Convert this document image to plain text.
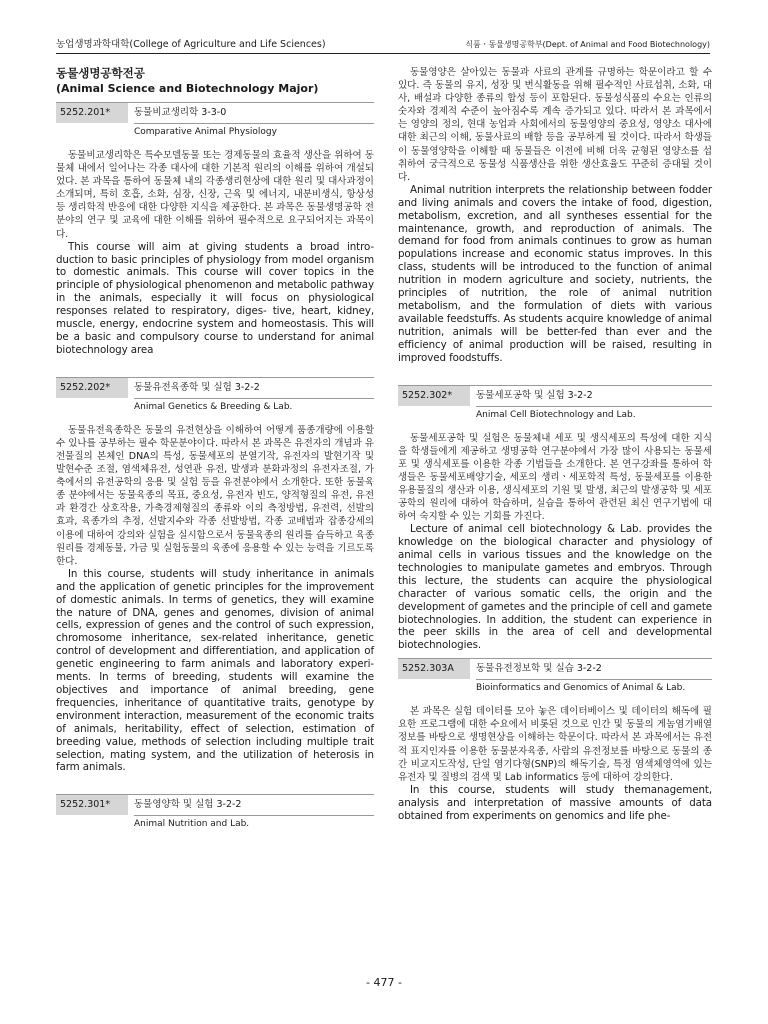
농업생명과학대학(College of Agriculture and Life Sciences)	식품ㆍ동물생명공학부(Dept. of Animal and Food Biotechnology)

동물생명공학전공

(Animal Science and Biotechnology Major)

5252.201*	동물비교생리학 3-3-0
Comparative Animal Physiology

동물비교생리학은 특수모델동물 또는 경제동물의 효율적 생산을 위하여 동물체 내에서 일어나는 각종 대사에 대한 기본적 원리의 이해를 위하여 개설되었다. 본 과목을 통하여 동물체 내의 각종생리현상에 대한 원리 및 대사과정이 소개되며, 특히 호흡, 소화, 심장, 신장, 근육 및 에너지, 내분비생식, 항상성 등 생리학적 반응에 대한 다양한 지식을 제공한다. 본 과목은 동물생명공학 전 분야의 연구 및 교육에 대한 이해를 위하여 필수적으로 요구되어지는 과목이다.

This course will aim at giving students a broad intro- duction to basic principles of physiology from model organism to domestic animals. This course will cover topics in the principle of physiological phenomenon and metabolic pathway in the animals, especially it will focus on physiological responses related to respiratory, diges- tive, heart, kidney, muscle, energy, endocrine system and homeostasis. This will be a basic and compulsory course to understand for animal biotechnology area

5252.202*	동물유전육종학 및 실험 3-2-2
Animal Genetics & Breeding & Lab.

동물유전육종학은 동물의 유전현상을 이해하여 어떻게 품종개량에 이용할 수 있나를 공부하는 필수 학문분야이다. 따라서 본 과목은 유전자의 개념과 유전물질의 본체인 DNA의 특성, 동물세포의 분열기작, 유전자의 발현기작 및 발현수준 조절, 염색체유전, 성연관 유전, 발생과 분화과정의 유전자조절, 가축에서의 유전공학의 응용 및 실험 등을 유전분야에서 소개한다. 또한 동물육종 분야에서는 동물육종의 목표, 중요성, 유전자 빈도, 양적형질의 유전, 유전과 환경간 상호작용, 가축경제형질의 종류와 이의 측정방법, 유전력, 선발의 효과, 육종가의 추정, 선발지수와 각종 선발방법, 각종 교배법과 잡종강세의 이용에 대하여 강의와 실험을 실시함으로서 동물육종의 원리를 습득하고 육종원리를 경제동물, 가금 및 실험동물의 육종에 응용할 수 있는 능력을 기르도록 한다.

In this course, students will study inheritance in animals and the application of genetic principles for the improvement of domestic animals. In terms of genetics, they will examine the nature of DNA, genes and genomes, division of animal cells, expression of genes and the control of such expression, chromosome inheritance, sex-related inheritance, genetic control of development and differentiation, and application of genetic engineering to farm animals and laboratory experi- ments. In terms of breeding, students will examine the objectives and importance of animal breeding, gene frequencies, inheritance of quantitative traits, genotype by environment interaction, measurement of the economic traits of animals, heritability, effect of selection, estimation of breeding value, methods of selection including multiple trait selection, mating system, and the utilization of heterosis in farm animals.

5252.301*	동물영양학 및 실험 3-2-2
Animal Nutrition and Lab.

동물영양은 살아있는 동물과 사료의 관계를 규명하는 학문이라고 할 수 있다. 즉 동물의 유지, 성장 및 번식활동을 위해 필수적인 사료섭취, 소화, 대사, 배설과 다양한 종류의 합성 등이 포함된다. 동물성식품의 수요는 인류의 숫자와 경제적 수준이 높아짐수록 계속 증가되고 있다. 따라서 본 과목에서는 영양의 정의, 현대 농업과 사회에서의 동물영양의 중요성, 영양소 대사에 대한 최근의 이해, 동물사료의 배합 등을 공부하게 될 것이다. 따라서 학생들이 동물영양학을 이해할 때 동물들은 이전에 비해 더욱 균형된 영양소를 섭취하여 궁극적으로 동물성 식품생산을 위한 생산효율도 꾸준히 증대될 것이다.

Animal nutrition interprets the relationship between fodder and living animals and covers the intake of food, digestion, metabolism, excretion, and all syntheses essential for the maintenance, growth, and reproduction of animals. The demand for food from animals continues to grow as human populations increase and economic status improves. In this class, students will be introduced to the function of animal nutrition in modern agriculture and society, nutrients, the principles of nutrition, the role of animal nutrition metabolism, and the formulation of diets with various available feedstuffs. As students acquire knowledge of animal nutrition, animals will be better-fed than ever and the efficiency of animal production will be raised, resulting in improved foodstuffs.

5252.302*	동물세포공학 및 실험 3-2-2
Animal Cell Biotechnology and Lab.

동물세포공학 및 실험은 동물체내 세포 및 생식세포의 특성에 대한 지식을 학생들에게 제공하고 생명공학 연구분야에서 가장 많이 사용되는 동물세포 및 생식세포를 이용한 각종 기법들을 소개한다. 본 연구강좌를 통하여 학생들은 동물세포배양기술, 세포의 생리ㆍ세포학적 특성, 동물세포를 이용한 유용물질의 생산과 이용, 생식세포의 기원 및 발생, 최근의 발생공학 및 세포공학의 원리에 대하여 학습하며, 실습을 통하여 관련된 최신 연구기법에 대하여 숙지할 수 있는 기회를 가진다.

Lecture of animal cell biotechnology & Lab. provides the knowledge on the biological character and physiology of animal cells in various tissues and the knowledge on the technologies to manipulate gametes and embryos. Through this lecture, the students can acquire the physiological character of various somatic cells, the origin and the development of gametes and the principle of cell and gamete biotechnologies. In addition, the student can experience in the peer skills in the area of cell and developmental biotechnologies.

5252.303A	동물유전정보학 및 실습 3-2-2
Bioinformatics and Genomics of Animal & Lab.

본 과목은 실험 데이터를 모아 놓은 데이터베이스 및 데이터의 해독에 필요한 프로그램에 대한 수요에서 비롯된 것으로 인간 및 동물의 게놈염기배열 정보를 바탕으로 생명현상을 이해하는 학문이다. 따라서 본 과목에서는 유전적 표지인자를 이용한 동물분자육종, 사람의 유전정보를 바탕으로 동물의 종간 비교지도작성, 단일 염기다형(SNP)의 해독기술, 특정 염색체영역에 있는 유전자 및 질병의 검색 및 Lab informatics 등에 대하여 강의한다.

In this course, students will study themanagement, analysis and interpretation of massive amounts of data obtained from experiments on genomics and life phe-

- 477 -
